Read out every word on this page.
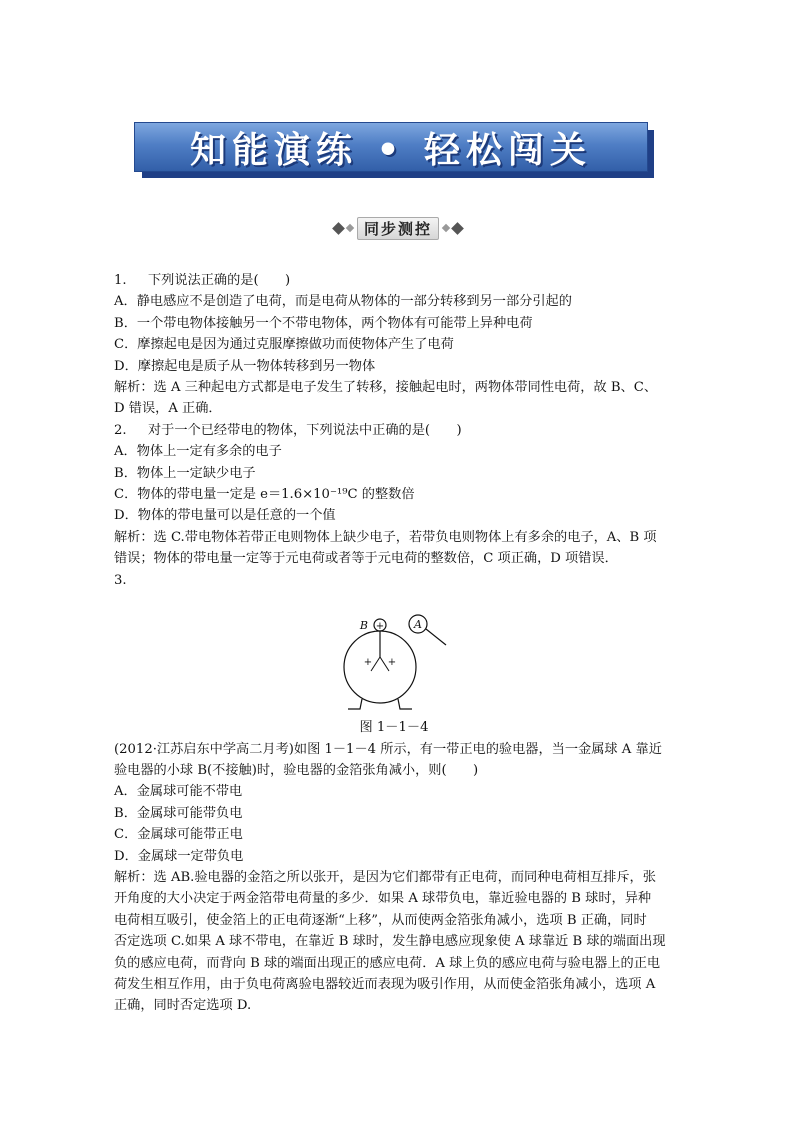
知能演练 • 轻松闯关
同步测控
1. 下列说法正确的是(　　)
A．静电感应不是创造了电荷，而是电荷从物体的一部分转移到另一部分引起的
B．一个带电物体接触另一个不带电物体，两个物体有可能带上异种电荷
C．摩擦起电是因为通过克服摩擦做功而使物体产生了电荷
D．摩擦起电是质子从一物体转移到另一物体
解析：选 A 三种起电方式都是电子发生了转移，接触起电时，两物体带同性电荷，故 B、C、
D 错误，A 正确．
2. 对于一个已经带电的物体，下列说法中正确的是(　　)
A．物体上一定有多余的电子
B．物体上一定缺少电子
C．物体的带电量一定是 e＝1.6×10⁻¹⁹C 的整数倍
D．物体的带电量可以是任意的一个值
解析：选 C.带电物体若带正电则物体上缺少电子，若带负电则物体上有多余的电子，A、B 项
错误；物体的带电量一定等于元电荷或者等于元电荷的整数倍，C 项正确，D 项错误．
3.
+
B
+ +
A
图 1－1－4
(2012·江苏启东中学高二月考)如图 1－1－4 所示，有一带正电的验电器，当一金属球 A 靠近
验电器的小球 B(不接触)时，验电器的金箔张角减小，则(　　)
A．金属球可能不带电
B．金属球可能带负电
C．金属球可能带正电
D．金属球一定带负电
解析：选 AB.验电器的金箔之所以张开，是因为它们都带有正电荷，而同种电荷相互排斥，张
开角度的大小决定于两金箔带电荷量的多少．如果 A 球带负电，靠近验电器的 B 球时，异种
电荷相互吸引，使金箔上的正电荷逐渐“上移”，从而使两金箔张角减小，选项 B 正确，同时
否定选项 C.如果 A 球不带电，在靠近 B 球时，发生静电感应现象使 A 球靠近 B 球的端面出现
负的感应电荷，而背向 B 球的端面出现正的感应电荷．A 球上负的感应电荷与验电器上的正电
荷发生相互作用，由于负电荷离验电器较近而表现为吸引作用，从而使金箔张角减小，选项 A
正确，同时否定选项 D.
